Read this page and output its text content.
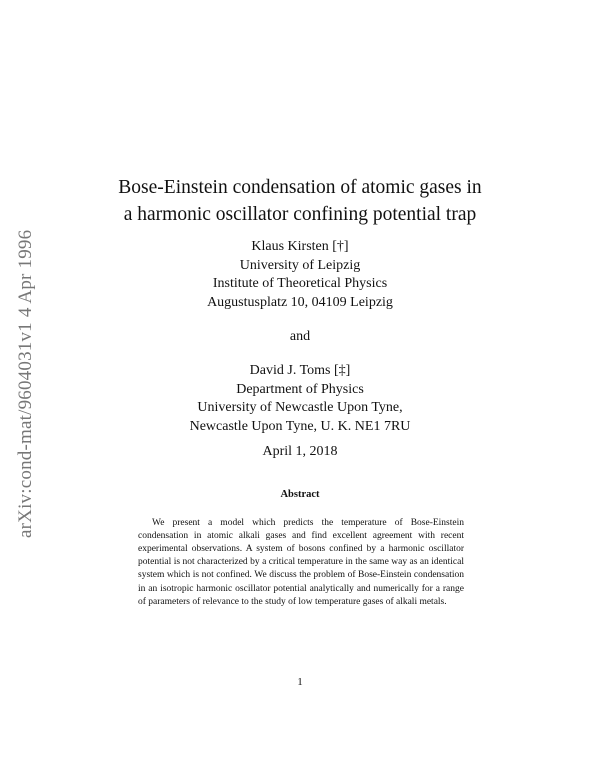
arXiv:cond-mat/9604031v1 4 Apr 1996
Bose-Einstein condensation of atomic gases in
a harmonic oscillator confining potential trap
Klaus Kirsten [†]
University of Leipzig
Institute of Theoretical Physics
Augustusplatz 10, 04109 Leipzig
and
David J. Toms [‡]
Department of Physics
University of Newcastle Upon Tyne,
Newcastle Upon Tyne, U. K. NE1 7RU
April 1, 2018
Abstract

We present a model which predicts the temperature of Bose-Einstein condensation in atomic alkali gases and find excellent agreement with recent experimental observations. A system of bosons confined by a harmonic oscillator potential is not characterized by a critical temperature in the same way as an identical system which is not confined. We discuss the problem of Bose-Einstein condensation in an isotropic harmonic oscillator potential analytically and numerically for a range of parameters of relevance to the study of low temperature gases of alkali metals.

1
